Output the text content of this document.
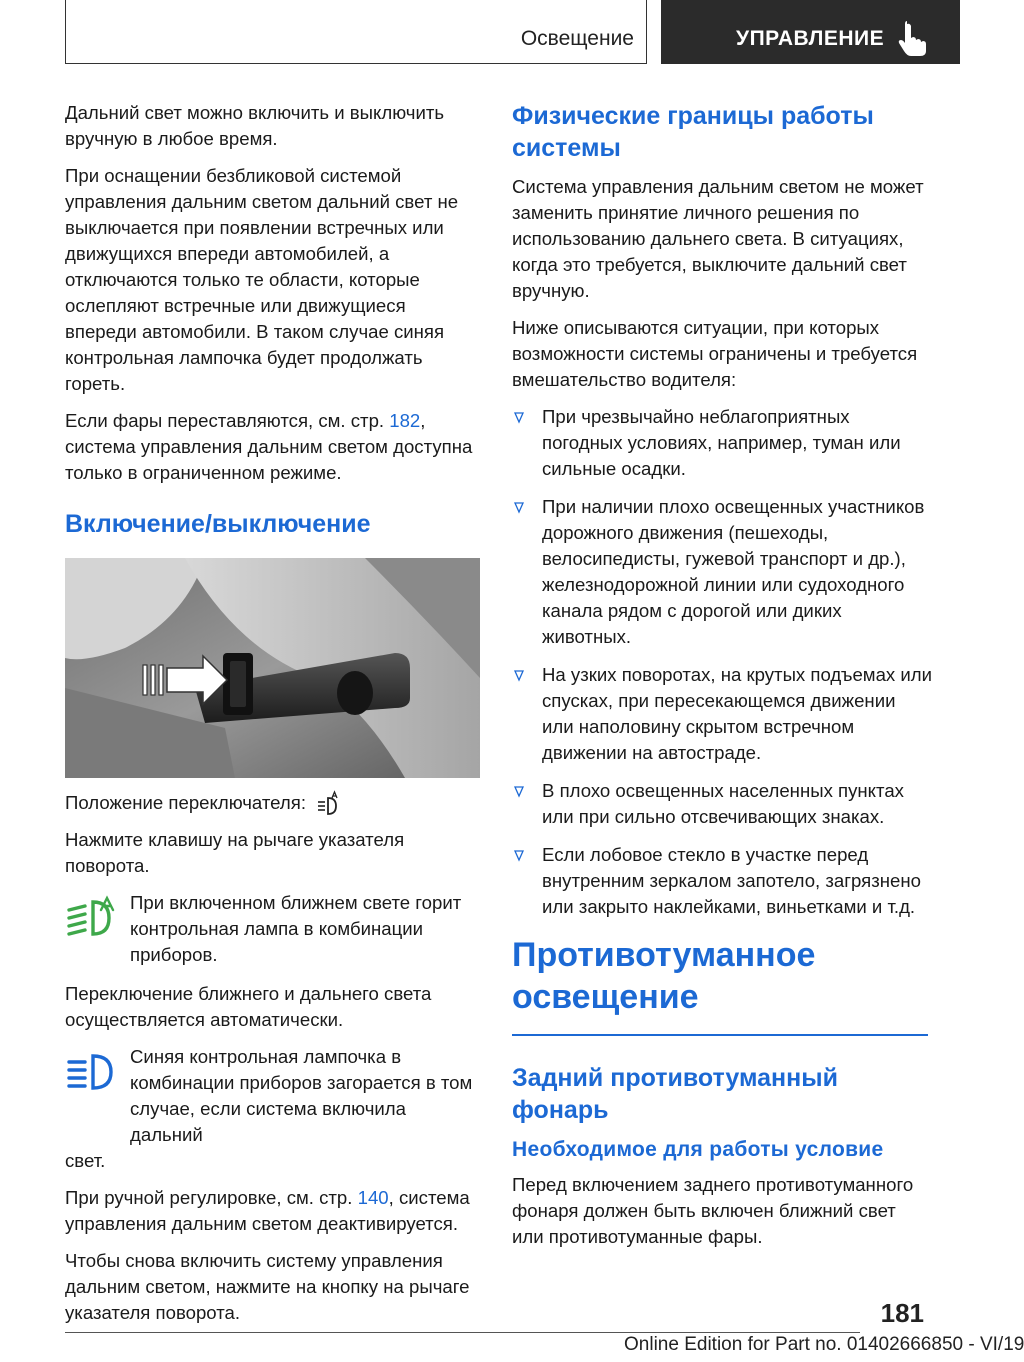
Освещение	УПРАВЛЕНИЕ

Дальний свет можно включить и выключить вручную в любое время.

При оснащении безбликовой системой управления дальним светом дальний свет не выключается при появлении встречных или движущихся впереди автомобилей, а отключаются только те области, которые ослепляют встречные или движущиеся впереди автомобили. В таком случае синяя контрольная лампочка будет продолжать гореть.

Если фары переставляются, см. стр. 182, система управления дальним светом доступна только в ограниченном режиме.

Включение/выключение

Положение переключателя:

Нажмите клавишу на рычаге указателя поворота.

При включенном ближнем свете горит контрольная лампа в комбинации приборов.

Переключение ближнего и дальнего света осуществляется автоматически.

Синяя контрольная лампочка в комбинации приборов загорается в том случае, если система включила дальний

свет.

При ручной регулировке, см. стр. 140, система управления дальним светом деактивируется.

Чтобы снова включить систему управления дальним светом, нажмите на кнопку на рычаге указателя поворота.

Физические границы работы системы

Система управления дальним светом не может заменить принятие личного решения по использованию дальнего света. В ситуациях, когда это требуется, выключите дальний свет вручную.

Ниже описываются ситуации, при которых возможности системы ограничены и требуется вмешательство водителя:

При чрезвычайно неблагоприятных погодных условиях, например, туман или сильные осадки.
При наличии плохо освещенных участников дорожного движения (пешеходы, велосипедисты, гужевой транспорт и др.), железнодорожной линии или судоходного канала рядом с дорогой или диких животных.
На узких поворотах, на крутых подъемах или спусках, при пересекающемся движении или наполовину скрытом встречном движении на автостраде.
В плохо освещенных населенных пунктах или при сильно отсвечивающих знаках.
Если лобовое стекло в участке перед внутренним зеркалом запотело, загрязнено или закрыто наклейками, виньетками и т.д.
Противотуманное освещение
Задний противотуманный фонарь
Необходимое для работы условие

Перед включением заднего противотуманного фонаря должен быть включен ближний свет или противотуманные фары.

181
Online Edition for Part no. 01402666850 - VI/19
